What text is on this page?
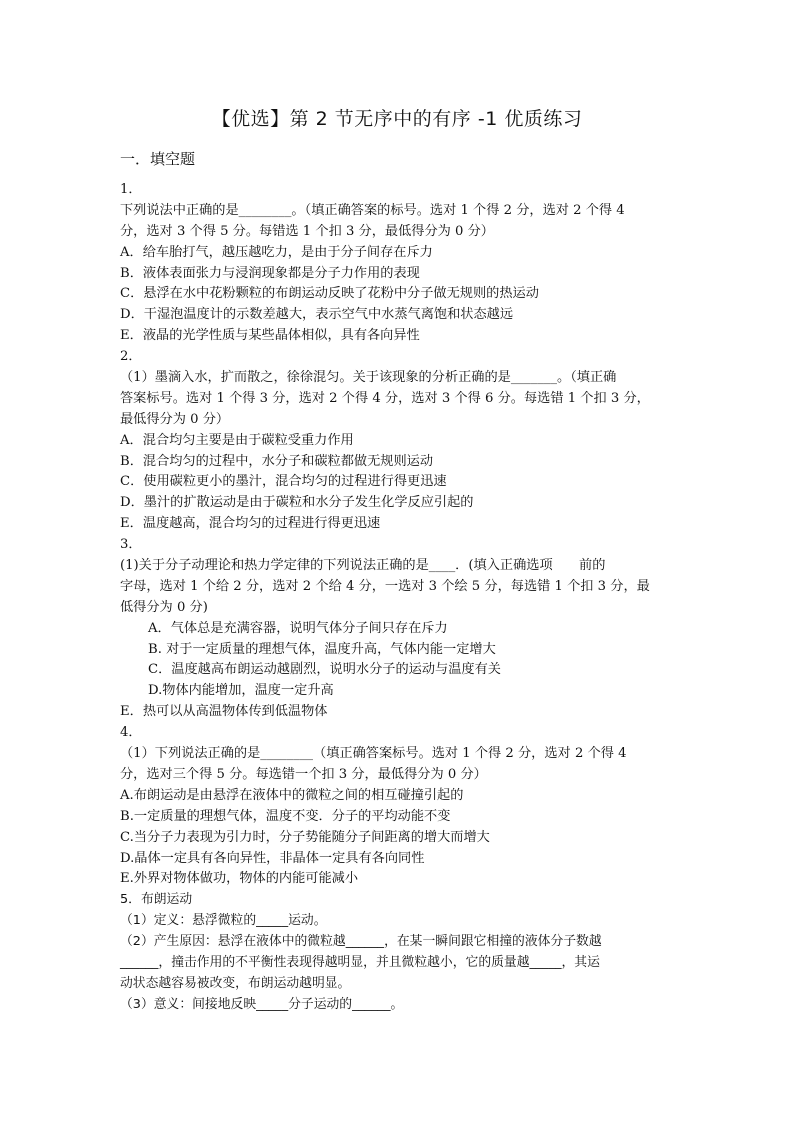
【优选】第 2 节无序中的有序 -1 优质练习
一．填空题
1．
下列说法中正确的是________。（填正确答案的标号。选对 1 个得 2 分，选对 2 个得 4
分，选对 3 个得 5 分。每错选 1 个扣 3 分，最低得分为 0 分）
A．给车胎打气，越压越吃力，是由于分子间存在斥力
B．液体表面张力与浸润现象都是分子力作用的表现
C．悬浮在水中花粉颗粒的布朗运动反映了花粉中分子做无规则的热运动
D．干湿泡温度计的示数差越大，表示空气中水蒸气离饱和状态越远
E．液晶的光学性质与某些晶体相似，具有各向异性
2．
（1）墨滴入水，扩而散之，徐徐混匀。关于该现象的分析正确的是_______。（填正确
答案标号。选对 1 个得 3 分，选对 2 个得 4 分，选对 3 个得 6 分。每选错 1 个扣 3 分，
最低得分为 0 分）
A．混合均匀主要是由于碳粒受重力作用
B．混合均匀的过程中，水分子和碳粒都做无规则运动
C．使用碳粒更小的墨汁，混合均匀的过程进行得更迅速
D．墨汁的扩散运动是由于碳粒和水分子发生化学反应引起的
E．温度越高，混合均匀的过程进行得更迅速
3．
(1)关于分子动理论和热力学定律的下列说法正确的是____．(填入正确选项　　前的
字母，选对 1 个给 2 分，选对 2 个给 4 分，一选对 3 个绘 5 分，每选错 1 个扣 3 分，最
低得分为 0 分)
A．气体总是充满容器，说明气体分子间只存在斥力
B. 对于一定质量的理想气体，温度升高，气体内能一定增大
C．温度越高布朗运动越剧烈，说明水分子的运动与温度有关
D.物体内能增加，温度一定升高
E．热可以从高温物体传到低温物体
4．
（1）下列说法正确的是________（填正确答案标号。选对 1 个得 2 分，选对 2 个得 4
分，选对三个得 5 分。每选错一个扣 3 分，最低得分为 0 分）
A.布朗运动是由悬浮在液体中的微粒之间的相互碰撞引起的
B.一定质量的理想气体，温度不变．分子的平均动能不变
C.当分子力表现为引力时，分子势能随分子间距离的增大而增大
D.晶体一定具有各向异性，非晶体一定具有各向同性
E.外界对物体做功，物体的内能可能减小
5．布朗运动
（1）定义：悬浮微粒的_____运动。
（2）产生原因：悬浮在液体中的微粒越______，在某一瞬间跟它相撞的液体分子数越
______，撞击作用的不平衡性表现得越明显，并且微粒越小，它的质量越_____，其运
动状态越容易被改变，布朗运动越明显。
（3）意义：间接地反映_____分子运动的______。
